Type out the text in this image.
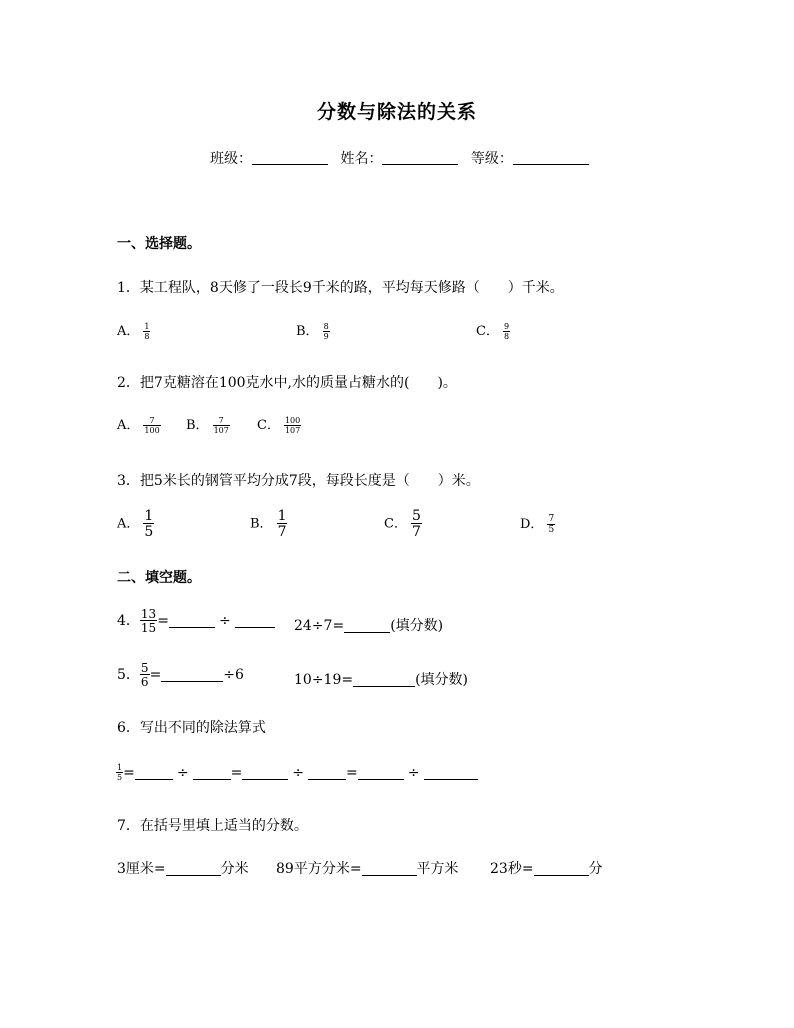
分数与除法的关系
班级：	姓名：	等级：
一、选择题。
1．某工程队，8天修了一段长9千米的路，平均每天修路（　　）千米。
A． $\frac{1}{8}$	B． $\frac{8}{9}$	C． $\frac{9}{8}$
2．把7克糖溶在100克水中,水的质量占糖水的(　　)。
A． $\frac{7}{100}$ B． $\frac{7}{107}$ C． $\frac{100}{107}$
3．把5米长的钢管平均分成7段，每段长度是（　　）米。
A． $\frac{1}{5}$	B． $\frac{1}{7}$	C． $\frac{5}{7}$	D． $\frac{7}{5}$
二、填空题。
4． $\frac{13}{15}$ =	÷	24÷7=	(填分数)
5． $\frac{5}{6}$ =	÷6	10÷19=	(填分数)
6．写出不同的除法算式
$\frac{1}{5}$ =	÷	=	÷	=	÷
7．在括号里填上适当的分数。
3厘米=	分米 89平方分米=	平方米 23秒=	分
